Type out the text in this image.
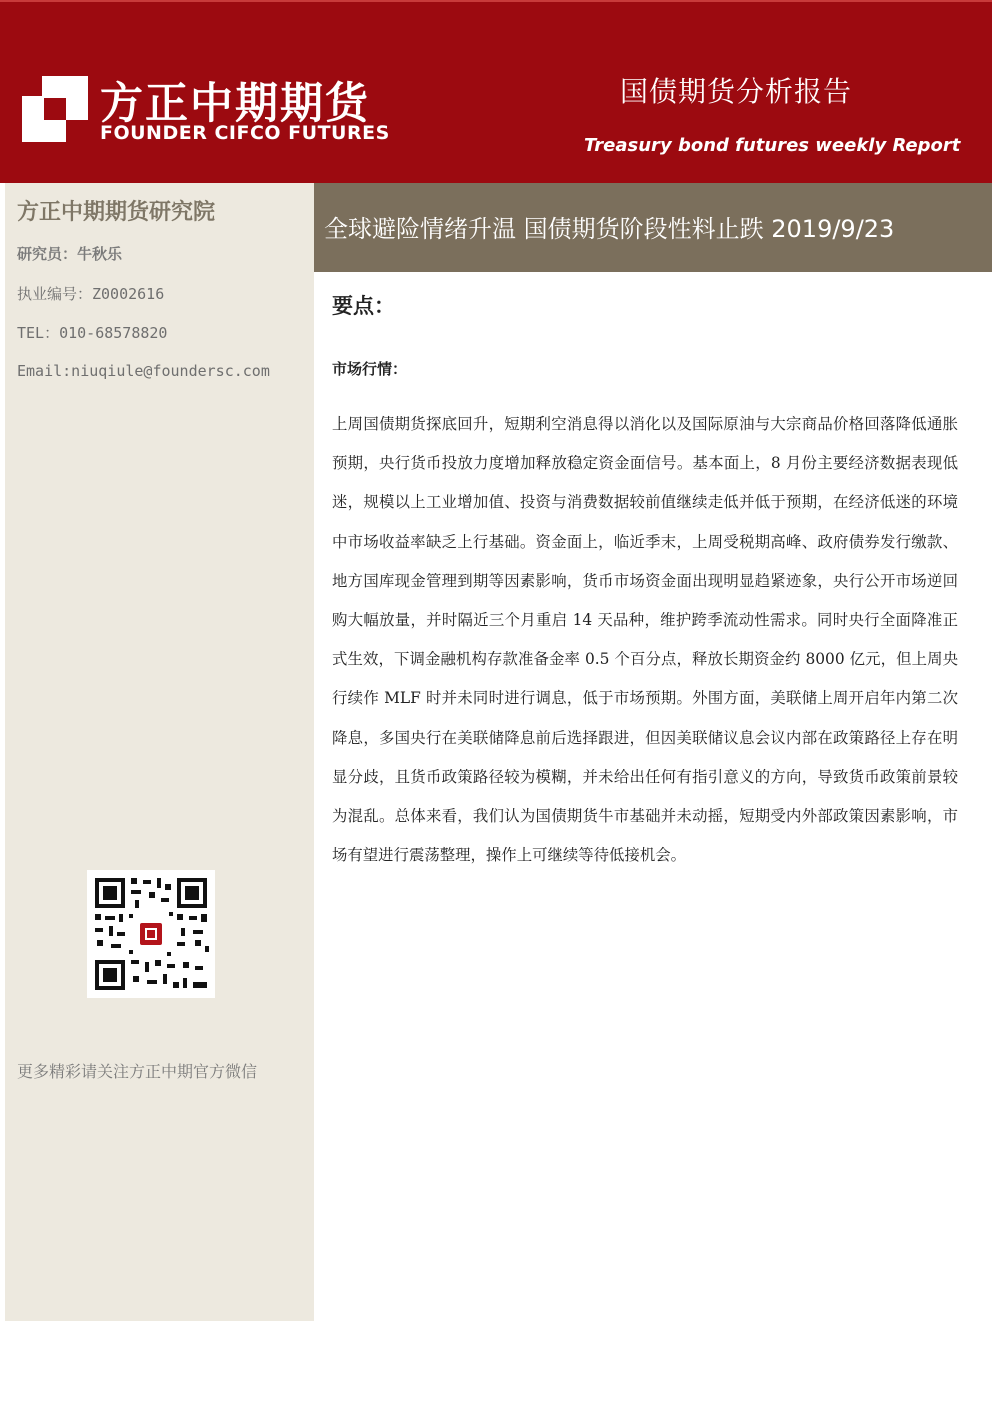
方正中期期货
FOUNDER CIFCO FUTURES
国债期货分析报告
Treasury bond futures weekly Report
方正中期期货研究院
研究员：牛秋乐
执业编号：Z0002616
TEL：010-68578820
Email:niuqiule@foundersc.com
更多精彩请关注方正中期官方微信
全球避险情绪升温 国债期货阶段性料止跌 2019/9/23
要点：
市场行情：

上周国债期货探底回升，短期利空消息得以消化以及国际原油与大宗商品价格回落降低通胀预期，央行货币投放力度增加释放稳定资金面信号。基本面上，8 月份主要经济数据表现低迷，规模以上工业增加值、投资与消费数据较前值继续走低并低于预期，在经济低迷的环境中市场收益率缺乏上行基础。资金面上，临近季末，上周受税期高峰、政府债券发行缴款、地方国库现金管理到期等因素影响，货币市场资金面出现明显趋紧迹象，央行公开市场逆回购大幅放量，并时隔近三个月重启 14 天品种，维护跨季流动性需求。同时央行全面降准正式生效，下调金融机构存款准备金率 0.5 个百分点，释放长期资金约 8000 亿元，但上周央行续作 MLF 时并未同时进行调息，低于市场预期。外围方面，美联储上周开启年内第二次降息，多国央行在美联储降息前后选择跟进，但因美联储议息会议内部在政策路径上存在明显分歧，且货币政策路径较为模糊，并未给出任何有指引意义的方向，导致货币政策前景较为混乱。总体来看，我们认为国债期货牛市基础并未动摇，短期受内外部政策因素影响，市场有望进行震荡整理，操作上可继续等待低接机会。
